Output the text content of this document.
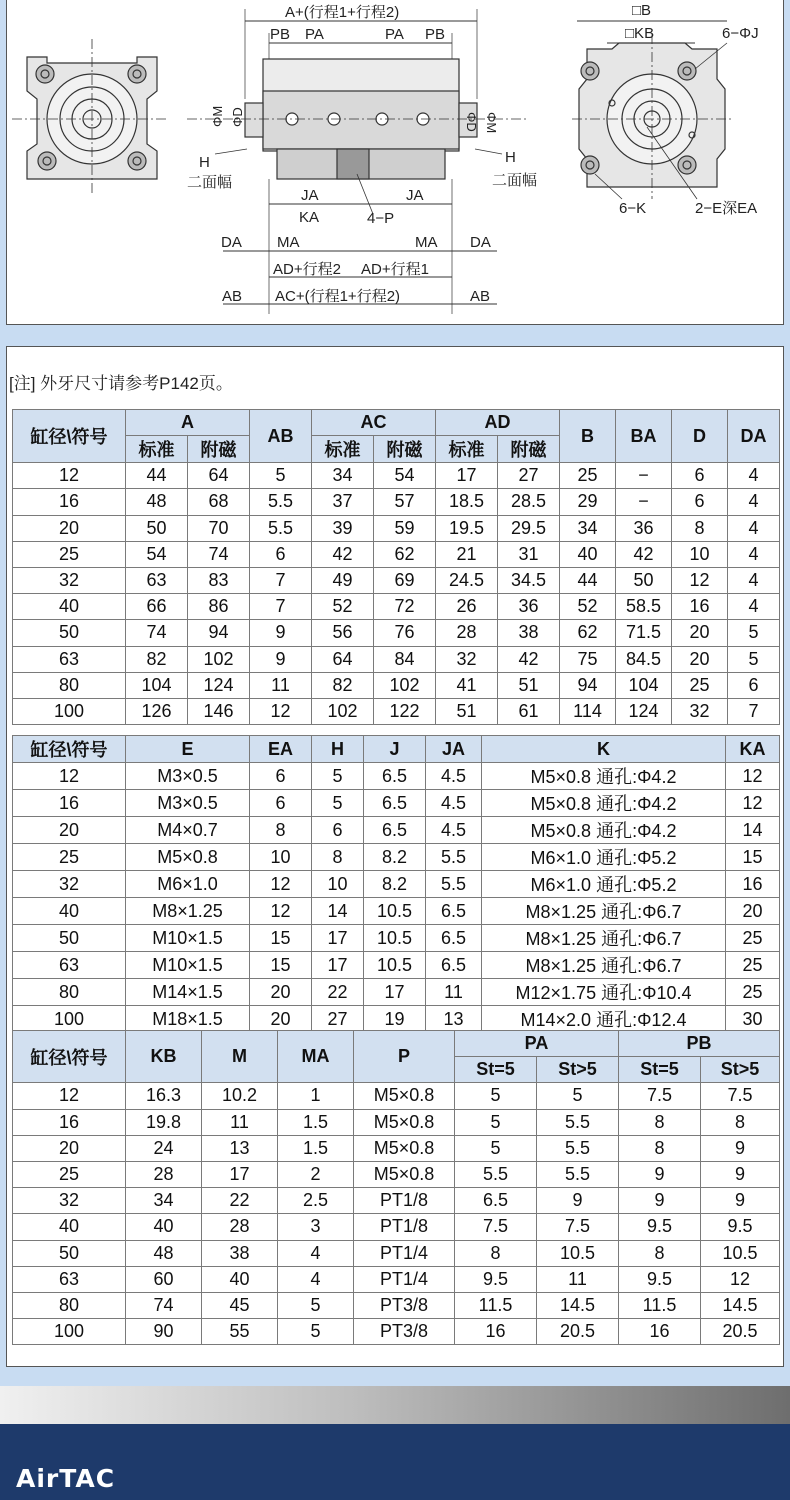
A+(行程1+行程2)
PB PA	PA PB
ΦM ΦD	ΦD ΦM
H
二面幅
H
二面幅
JA	JA
KA	4−P
DA MA	MA DA
AD+行程2 AD+行程1
AB AC+(行程1+行程2)	AB
□B
□KB	6−ΦJ
6−K	2−E深EA
[注] 外牙尺寸请参考P142页。
缸径\符号	A		AB	AC		AD		B	BA	D	DA
	标准	附磁		标准	附磁	标准	附磁				
12	44	64	5	34	54	17	27	25	−	6	4
16	48	68	5.5	37	57	18.5	28.5	29	−	6	4
20	50	70	5.5	39	59	19.5	29.5	34	36	8	4
25	54	74	6	42	62	21	31	40	42	10	4
32	63	83	7	49	69	24.5	34.5	44	50	12	4
40	66	86	7	52	72	26	36	52	58.5	16	4
50	74	94	9	56	76	28	38	62	71.5	20	5
63	82	102	9	64	84	32	42	75	84.5	20	5
80	104	124	11	82	102	41	51	94	104	25	6
100	126	146	12	102	122	51	61	114	124	32	7
缸径\符号	E	EA	H	J	JA	K	KA
12	M3×0.5	6	5	6.5	4.5	M5×0.8 通孔:Φ4.2	12
16	M3×0.5	6	5	6.5	4.5	M5×0.8 通孔:Φ4.2	12
20	M4×0.7	8	6	6.5	4.5	M5×0.8 通孔:Φ4.2	14
25	M5×0.8	10	8	8.2	5.5	M6×1.0 通孔:Φ5.2	15
32	M6×1.0	12	10	8.2	5.5	M6×1.0 通孔:Φ5.2	16
40	M8×1.25	12	14	10.5	6.5	M8×1.25 通孔:Φ6.7	20
50	M10×1.5	15	17	10.5	6.5	M8×1.25 通孔:Φ6.7	25
63	M10×1.5	15	17	10.5	6.5	M8×1.25 通孔:Φ6.7	25
80	M14×1.5	20	22	17	11	M12×1.75 通孔:Φ10.4	25
100	M18×1.5	20	27	19	13	M14×2.0 通孔:Φ12.4	30
缸径\符号	KB	M	MA	P	PA		PB	
					St=5	St>5	St=5	St>5
12	16.3	10.2	1	M5×0.8	5	5	7.5	7.5
16	19.8	11	1.5	M5×0.8	5	5.5	8	8
20	24	13	1.5	M5×0.8	5	5.5	8	9
25	28	17	2	M5×0.8	5.5	5.5	9	9
32	34	22	2.5	PT1/8	6.5	9	9	9
40	40	28	3	PT1/8	7.5	7.5	9.5	9.5
50	48	38	4	PT1/4	8	10.5	8	10.5
63	60	40	4	PT1/4	9.5	11	9.5	12
80	74	45	5	PT3/8	11.5	14.5	11.5	14.5
100	90	55	5	PT3/8	16	20.5	16	20.5
AirTAC
